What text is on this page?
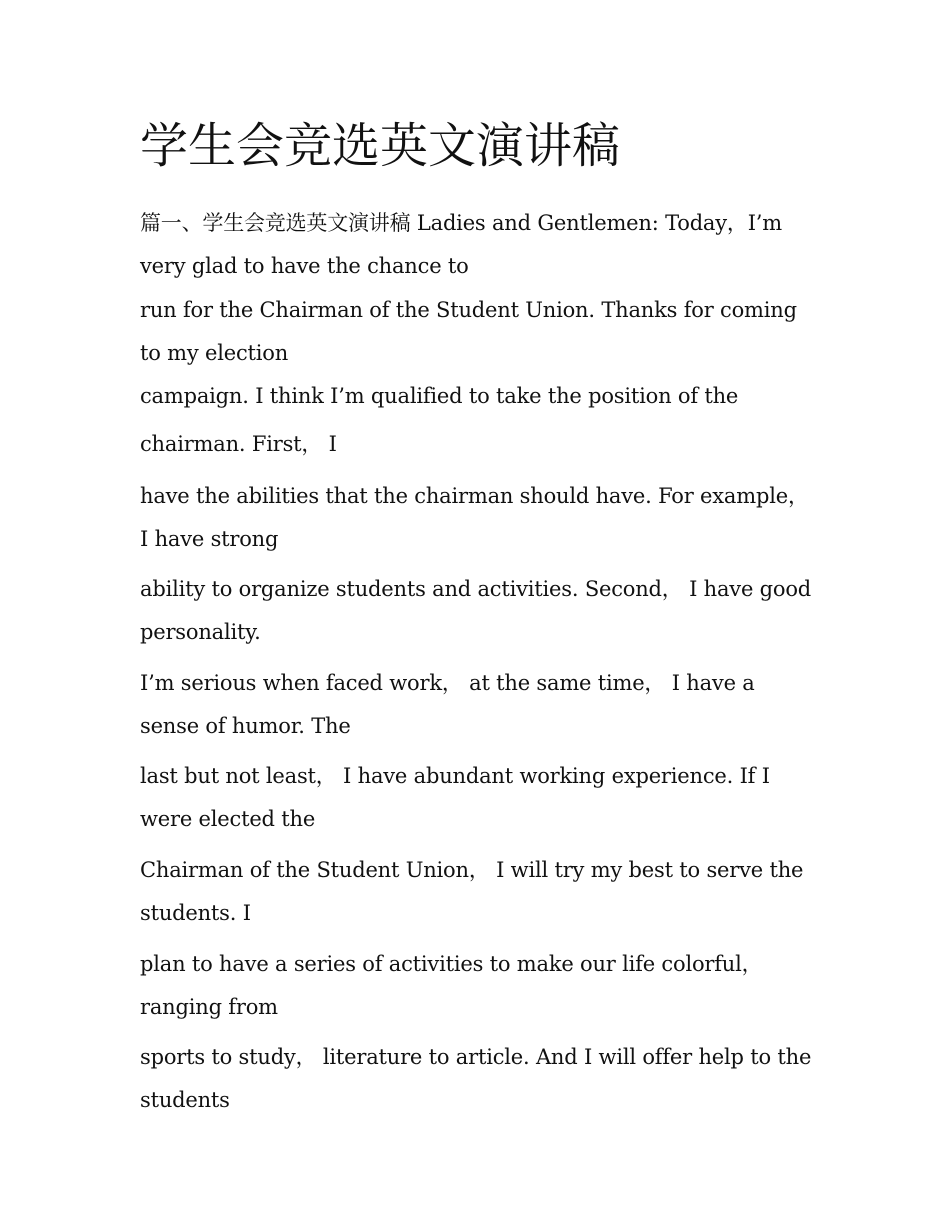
学生会竞选英文演讲稿

篇一、学生会竞选英文演讲稿 Ladies and Gentlemen: Today，I’m very glad to have the chance to

run for the Chairman of the Student Union. Thanks for coming to my election

campaign. I think I’m qualified to take the position of the

chairman. First， I

have the abilities that the chairman should have. For example， I have strong

ability to organize students and activities. Second， I have good personality.

I’m serious when faced work， at the same time， I have a sense of humor. The

last but not least， I have abundant working experience. If I were elected the

Chairman of the Student Union， I will try my best to serve the students. I

plan to have a series of activities to make our life colorful，ranging from

sports to study， literature to article. And I will offer help to the students
